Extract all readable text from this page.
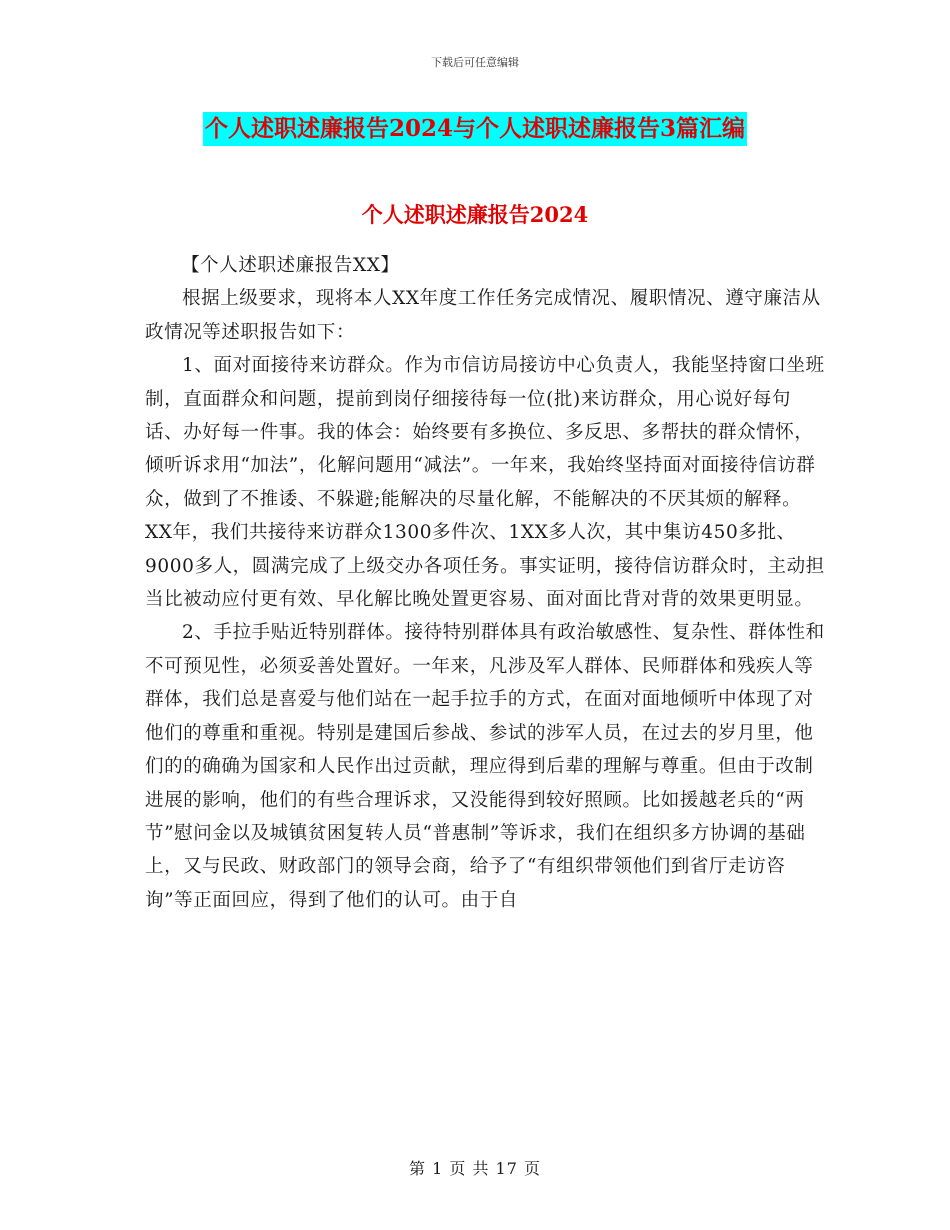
下载后可任意编辑
个人述职述廉报告2024与个人述职述廉报告3篇汇编
个人述职述廉报告2024

【个人述职述廉报告XX】

根据上级要求，现将本人XX年度工作任务完成情况、履职情况、遵守廉洁从政情况等述职报告如下：

1、面对面接待来访群众。作为市信访局接访中心负责人，我能坚持窗口坐班制，直面群众和问题，提前到岗仔细接待每一位(批)来访群众，用心说好每句话、办好每一件事。我的体会：始终要有多换位、多反思、多帮扶的群众情怀，倾听诉求用“加法”，化解问题用“减法”。一年来，我始终坚持面对面接待信访群众，做到了不推诿、不躲避;能解决的尽量化解，不能解决的不厌其烦的解释。XX年，我们共接待来访群众1300多件次、1XX多人次，其中集访450多批、 9000多人，圆满完成了上级交办各项任务。事实证明，接待信访群众时，主动担当比被动应付更有效、早化解比晚处置更容易、面对面比背对背的效果更明显。

2、手拉手贴近特别群体。接待特别群体具有政治敏感性、复杂性、群体性和不可预见性，必须妥善处置好。一年来，凡涉及军人群体、民师群体和残疾人等群体，我们总是喜爱与他们站在一起手拉手的方式，在面对面地倾听中体现了对他们的尊重和重视。特别是建国后参战、参试的涉军人员，在过去的岁月里，他们的的确确为国家和人民作出过贡献，理应得到后辈的理解与尊重。但由于改制进展的影响，他们的有些合理诉求，又没能得到较好照顾。比如援越老兵的“两节”慰问金以及城镇贫困复转人员“普惠制”等诉求，我们在组织多方协调的基础上，又与民政、财政部门的领导会商，给予了“有组织带领他们到省厅走访咨询”等正面回应，得到了他们的认可。由于自

第 1 页 共 17 页
